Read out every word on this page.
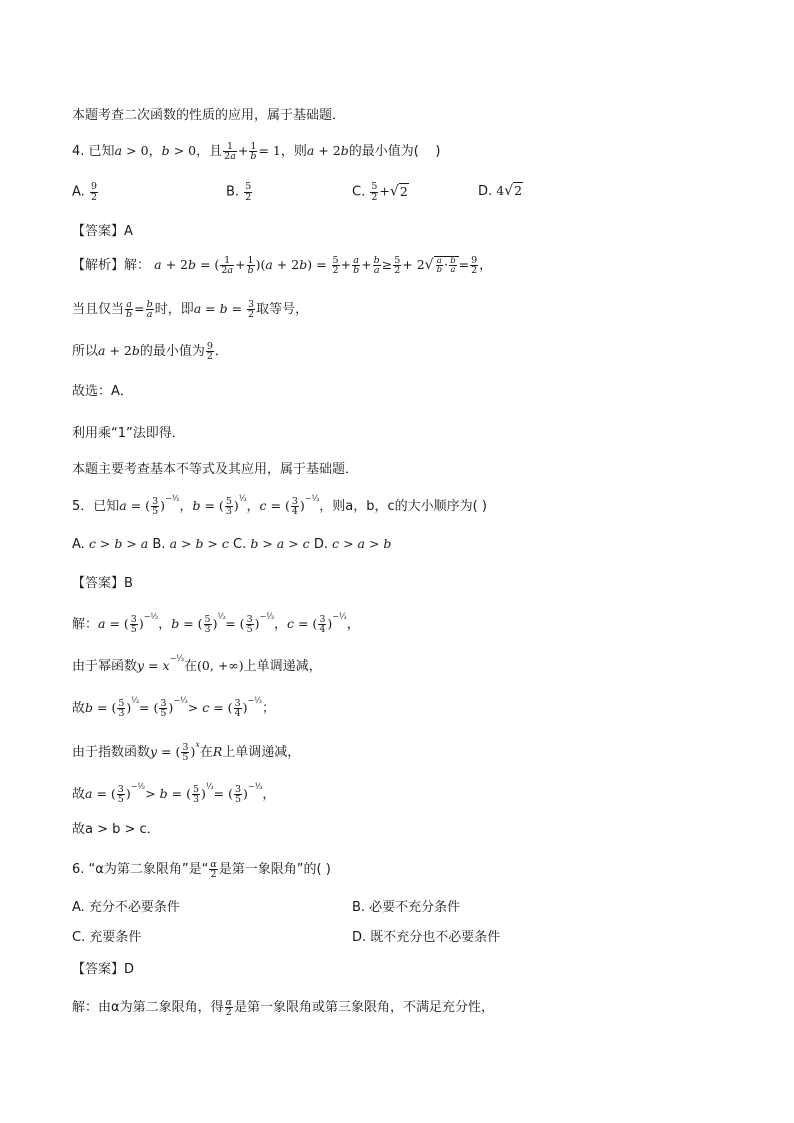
本题考查二次函数的性质的应用，属于基础题．
4. 已知a > 0，b > 0，且 $\frac{1}{2a} + \frac{1}{b} = 1$，则a + 2b的最小值为(    )
A. $\frac{9}{2}$	B. $\frac{5}{2}$	C. $\frac{5}{2} +√2$	D. 4√2
【答案】A
【解析】解： a + 2b = ( $\frac{1}{2a} + \frac{1}{b} )(a + 2b) = \frac{5}{2} + \frac{a}{b} + \frac{b}{a} \ge \frac{5}{2} + 2√ \frac{a}{b} \cdot \frac{b}{a} = \frac{9}{2}$ ，
当且仅当 $\frac{a}{b} = \frac{b}{a}$ 时，即$a = b = \frac{3}{2}$ 取等号，
所以a + 2b的最小值为 $\frac{9}{2}$ ．
故选：A．
利用乘“1”法即得．
本题主要考查基本不等式及其应用，属于基础题．
5．已知a = ( $\frac{3}{5} )^{-\frac{1}{2}}$，b = ( $\frac{5}{3} )^{\frac{1}{3}}$，c = ( $\frac{3}{4} )^{-\frac{1}{3}}$，则a，b，c的大小顺序为( )
A. c > b > a B. a > b > c C. b > a > c D. c > a > b
【答案】B
解：a = ( $\frac{3}{5} )^{-\frac{1}{2}}$，b = ( $\frac{5}{3} )^{\frac{1}{3}}=$ ( $\frac{3}{5} )^{-\frac{1}{3}}$，c = ( $\frac{3}{4} )^{-\frac{1}{3}}$，
由于幂函数$y = x^{-\frac{1}{3}}$在(0, +∞)上单调递减，
故b = ( $\frac{5}{3} )^{\frac{1}{3}}=$ ( $\frac{3}{5} )^{-\frac{1}{3}}> c$ = ( $\frac{3}{4} )^{-\frac{1}{3}}$；
由于指数函数y = ( $\frac{3}{5} )^x$在R上单调递减，
故a = ( $\frac{3}{5} )^{-\frac{1}{2}}> b$ = ( $\frac{5}{3} )^{\frac{1}{3}}=$ ( $\frac{3}{5} )^{-\frac{1}{3}}$，
故a > b > c．
6. “α为第二象限角”是“ $\frac{\alpha}{2}$ 是第一象限角”的( )
A. 充分不必要条件	B. 必要不充分条件
C. 充要条件	D. 既不充分也不必要条件
【答案】D
解：由α为第二象限角，得 $\frac{\alpha}{2}$ 是第一象限角或第三象限角，不满足充分性，
